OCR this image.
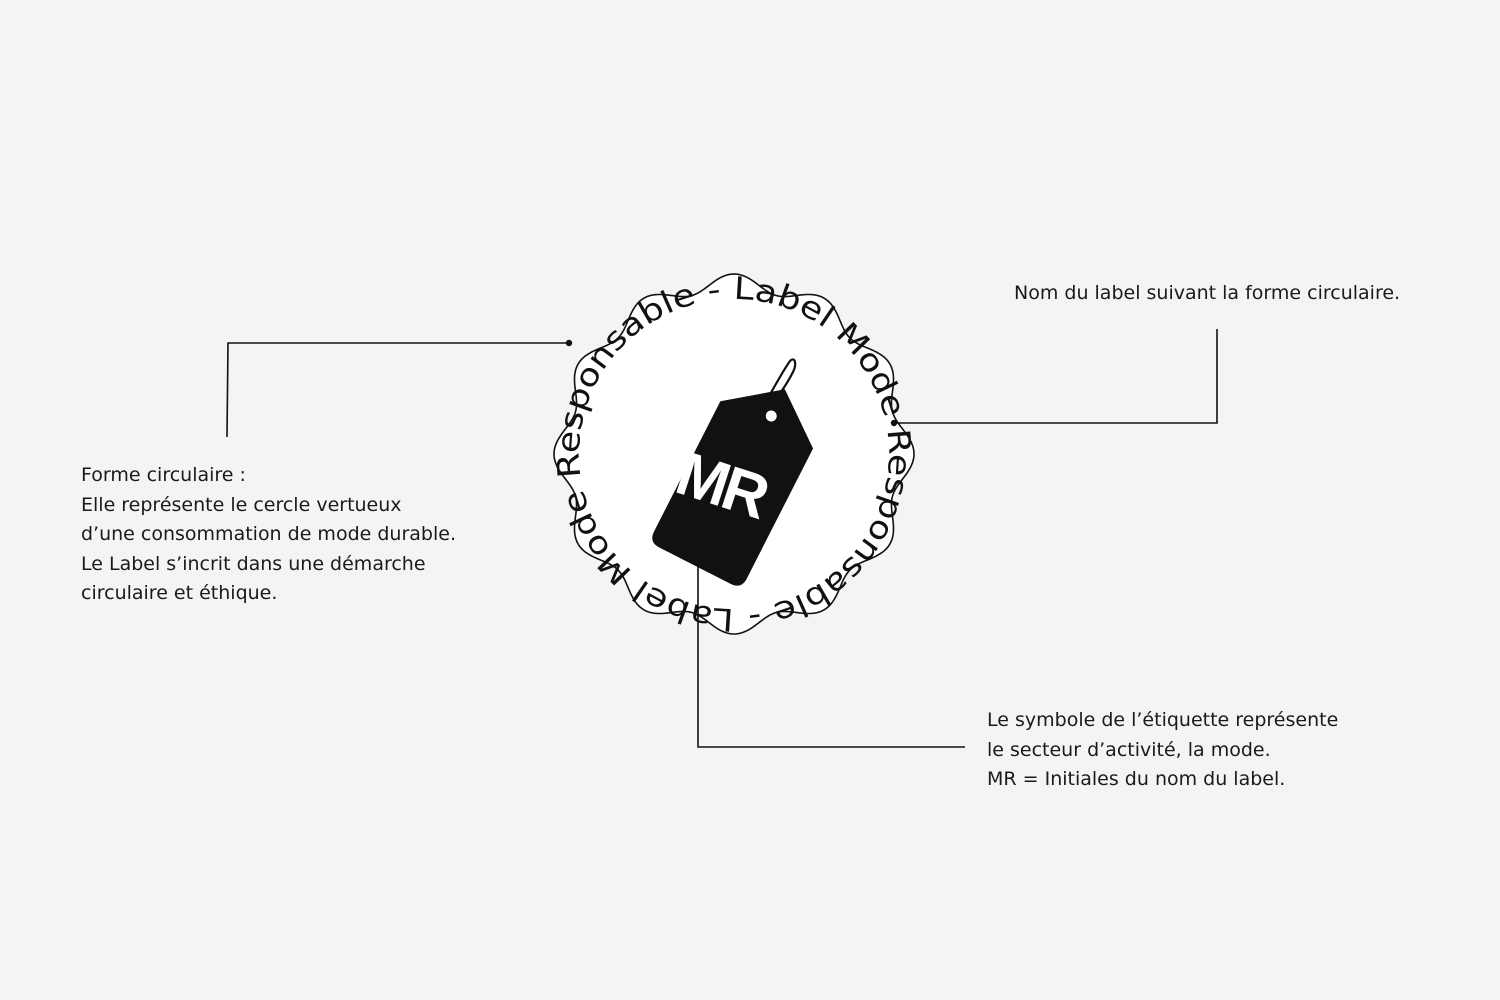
Label Mode Responsable - Label Mode Responsable -
MR
Forme circulaire :
Elle représente le cercle vertueux
d’une consommation de mode durable.
Le Label s’incrit dans une démarche
circulaire et éthique.
Nom du label suivant la forme circulaire.
Le symbole de l’étiquette représente
le secteur d’activité, la mode.
MR = Initiales du nom du label.
